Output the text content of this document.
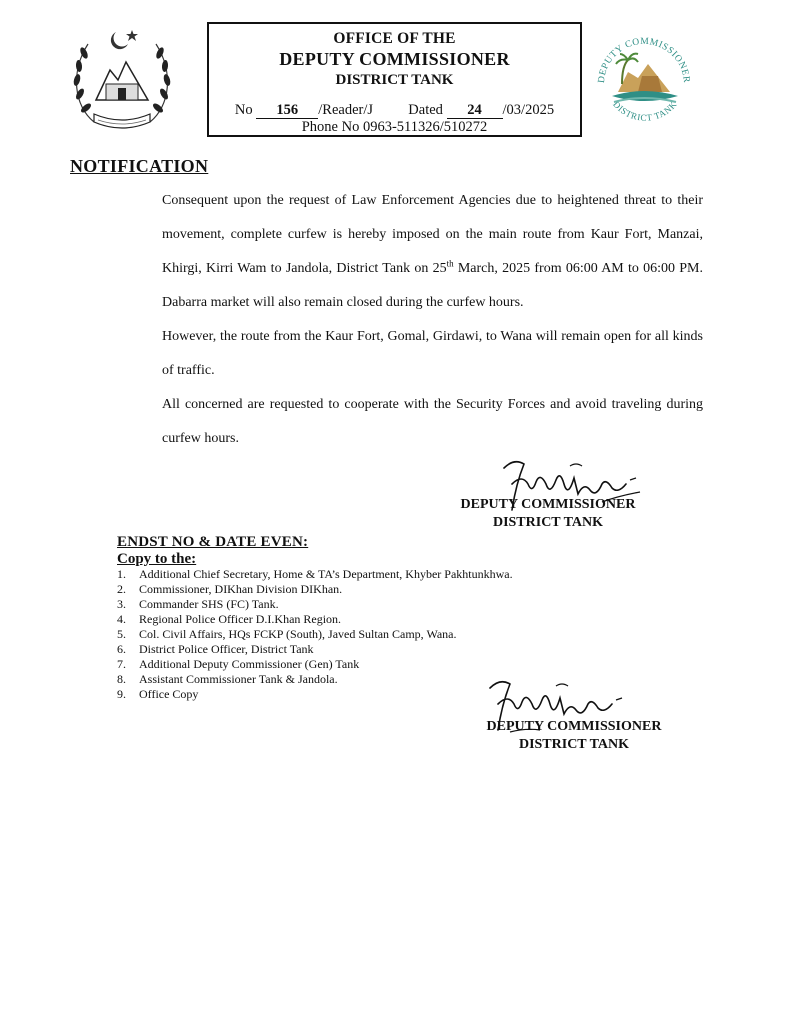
OFFICE OF THE
DEPUTY COMMISSIONER
DISTRICT TANK
No 156 /Reader/J Dated 24 /03/2025
Phone No 0963-511326/510272
DEPUTY COMMISSIONER
DISTRICT TANK
NOTIFICATION

Consequent upon the request of Law Enforcement Agencies due to heightened threat to their movement, complete curfew is hereby imposed on the main route from Kaur Fort, Manzai, Khirgi, Kirri Wam to Jandola, District Tank on 25th March, 2025 from 06:00 AM to 06:00 PM. Dabarra market will also remain closed during the curfew hours.

However, the route from the Kaur Fort, Gomal, Girdawi, to Wana will remain open for all kinds of traffic.

All concerned are requested to cooperate with the Security Forces and avoid traveling during curfew hours.

DEPUTY COMMISSIONER
DISTRICT TANK
ENDST NO & DATE EVEN:
Copy to the:
1.	Additional Chief Secretary, Home & TA’s Department, Khyber Pakhtunkhwa.
2.	Commissioner, DIKhan Division DIKhan.
3.	Commander SHS (FC) Tank.
4.	Regional Police Officer D.I.Khan Region.
5.	Col. Civil Affairs, HQs FCKP (South), Javed Sultan Camp, Wana.
6.	District Police Officer, District Tank
7.	Additional Deputy Commissioner (Gen) Tank
8.	Assistant Commissioner Tank & Jandola.
9.	Office Copy
DEPUTY COMMISSIONER
DISTRICT TANK
